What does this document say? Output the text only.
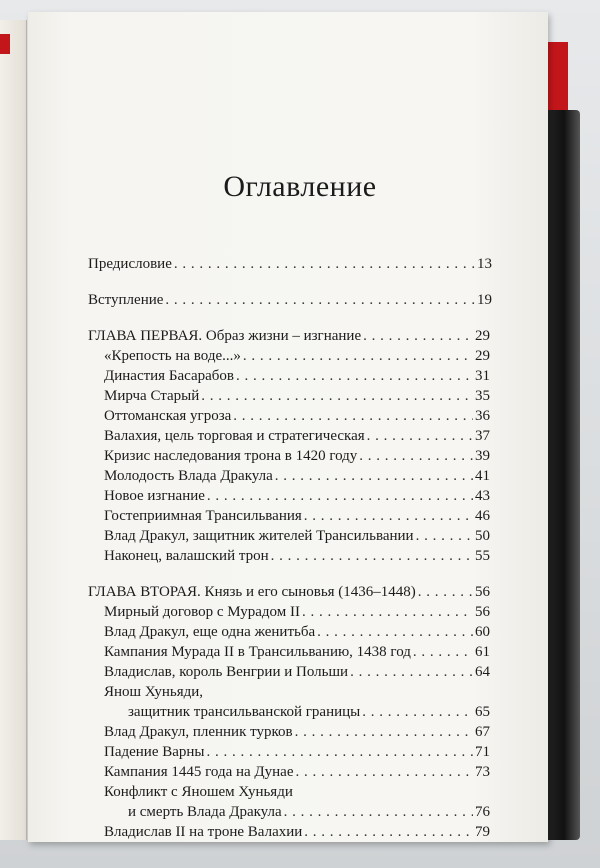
Оглавление
Предисловие . . .	13
Вступление . . .	19
ГЛАВА ПЕРВАЯ. Образ жизни – изгнание . . .	29
«Крепость на воде...» . . .	29
Династия Басарабов . . .	31
Мирча Старый . . .	35
Оттоманская угроза . . .	36
Валахия, цель торговая и стратегическая . . .	37
Кризис наследования трона в 1420 году . . .	39
Молодость Влада Дракула . . .	41
Новое изгнание . . .	43
Гостеприимная Трансильвания . . .	46
Влад Дракул, защитник жителей Трансильвании . . .	50
Наконец, валашский трон . . .	55
ГЛАВА ВТОРАЯ. Князь и его сыновья (1436–1448) . . .	56
Мирный договор с Мурадом II . . .	56
Влад Дракул, еще одна женитьба . . .	60
Кампания Мурада II в Трансильванию, 1438 год . . .	61
Владислав, король Венгрии и Польши . . .	64
Янош Хуньяди,
защитник трансильванской границы . . .	65
Влад Дракул, пленник турков . . .	67
Падение Варны . . .	71
Кампания 1445 года на Дунае . . .	73
Конфликт с Яношем Хуньяди
и смерть Влада Дракула . . .	76
Владислав II на троне Валахии . . .	79
